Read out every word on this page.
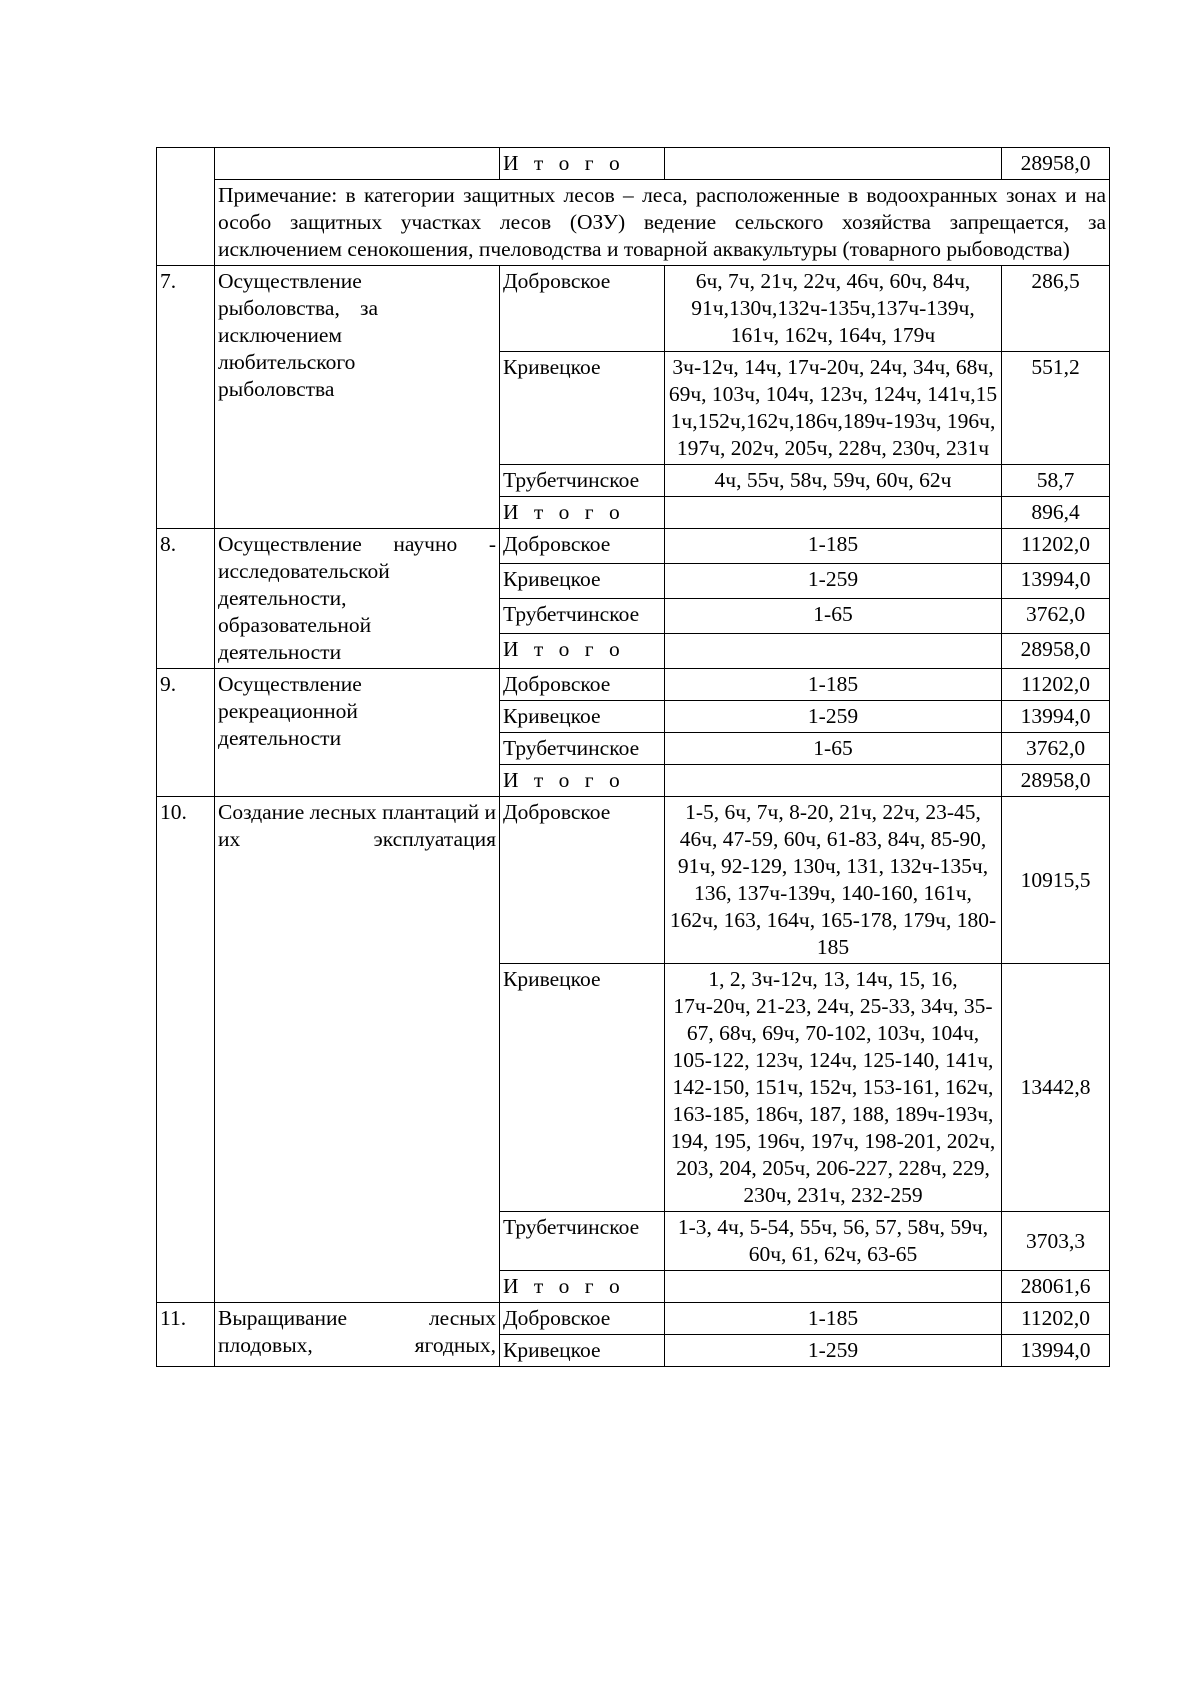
		И т о г о		28958,0
	Примечание: в категории защитных лесов – леса, расположенные в водоохранных зонах и на особо защитных участках лесов (ОЗУ) ведение сельского хозяйства запрещается, за исключением сенокошения, пчеловодства и товарной аквакультуры (товарного рыбоводства)			
7.	Осуществление рыболовства, за исключением любительского рыболовства	Добровское	6ч, 7ч, 21ч, 22ч, 46ч, 60ч, 84ч, 91ч,130ч,132ч-135ч,137ч-139ч, 161ч, 162ч, 164ч, 179ч	286,5
		Кривецкое	3ч-12ч, 14ч, 17ч-20ч, 24ч, 34ч, 68ч, 69ч, 103ч, 104ч, 123ч, 124ч, 141ч,151ч,152ч,162ч,186ч,189ч-193ч, 196ч, 197ч, 202ч, 205ч, 228ч, 230ч, 231ч	551,2
		Трубетчинское	4ч, 55ч, 58ч, 59ч, 60ч, 62ч	58,7
		И т о г о		896,4
8.	Осуществление научно - исследовательской деятельности, образовательной деятельности	Добровское	1-185	11202,0
		Кривецкое	1-259	13994,0
		Трубетчинское	1-65	3762,0
		И т о г о		28958,0
9.	Осуществление рекреационной деятельности	Добровское	1-185	11202,0
		Кривецкое	1-259	13994,0
		Трубетчинское	1-65	3762,0
		И т о г о		28958,0
10.	Создание лесных плантаций и их эксплуатация	Добровское	1-5, 6ч, 7ч, 8-20, 21ч, 22ч, 23-45, 46ч, 47-59, 60ч, 61-83, 84ч, 85-90, 91ч, 92-129, 130ч, 131, 132ч-135ч, 136, 137ч-139ч, 140-160, 161ч, 162ч, 163, 164ч, 165-178, 179ч, 180-185	10915,5
		Кривецкое	1, 2, 3ч-12ч, 13, 14ч, 15, 16, 17ч-20ч, 21-23, 24ч, 25-33, 34ч, 35-67, 68ч, 69ч, 70-102, 103ч, 104ч, 105-122, 123ч, 124ч, 125-140, 141ч, 142-150, 151ч, 152ч, 153-161, 162ч, 163-185, 186ч, 187, 188, 189ч-193ч, 194, 195, 196ч, 197ч, 198-201, 202ч, 203, 204, 205ч, 206-227, 228ч, 229, 230ч, 231ч, 232-259	13442,8
		Трубетчинское	1-3, 4ч, 5-54, 55ч, 56, 57, 58ч, 59ч, 60ч, 61, 62ч, 63-65	3703,3
		И т о г о		28061,6
11.	Выращивание лесных плодовых, ягодных,	Добровское	1-185	11202,0
		Кривецкое	1-259	13994,0
